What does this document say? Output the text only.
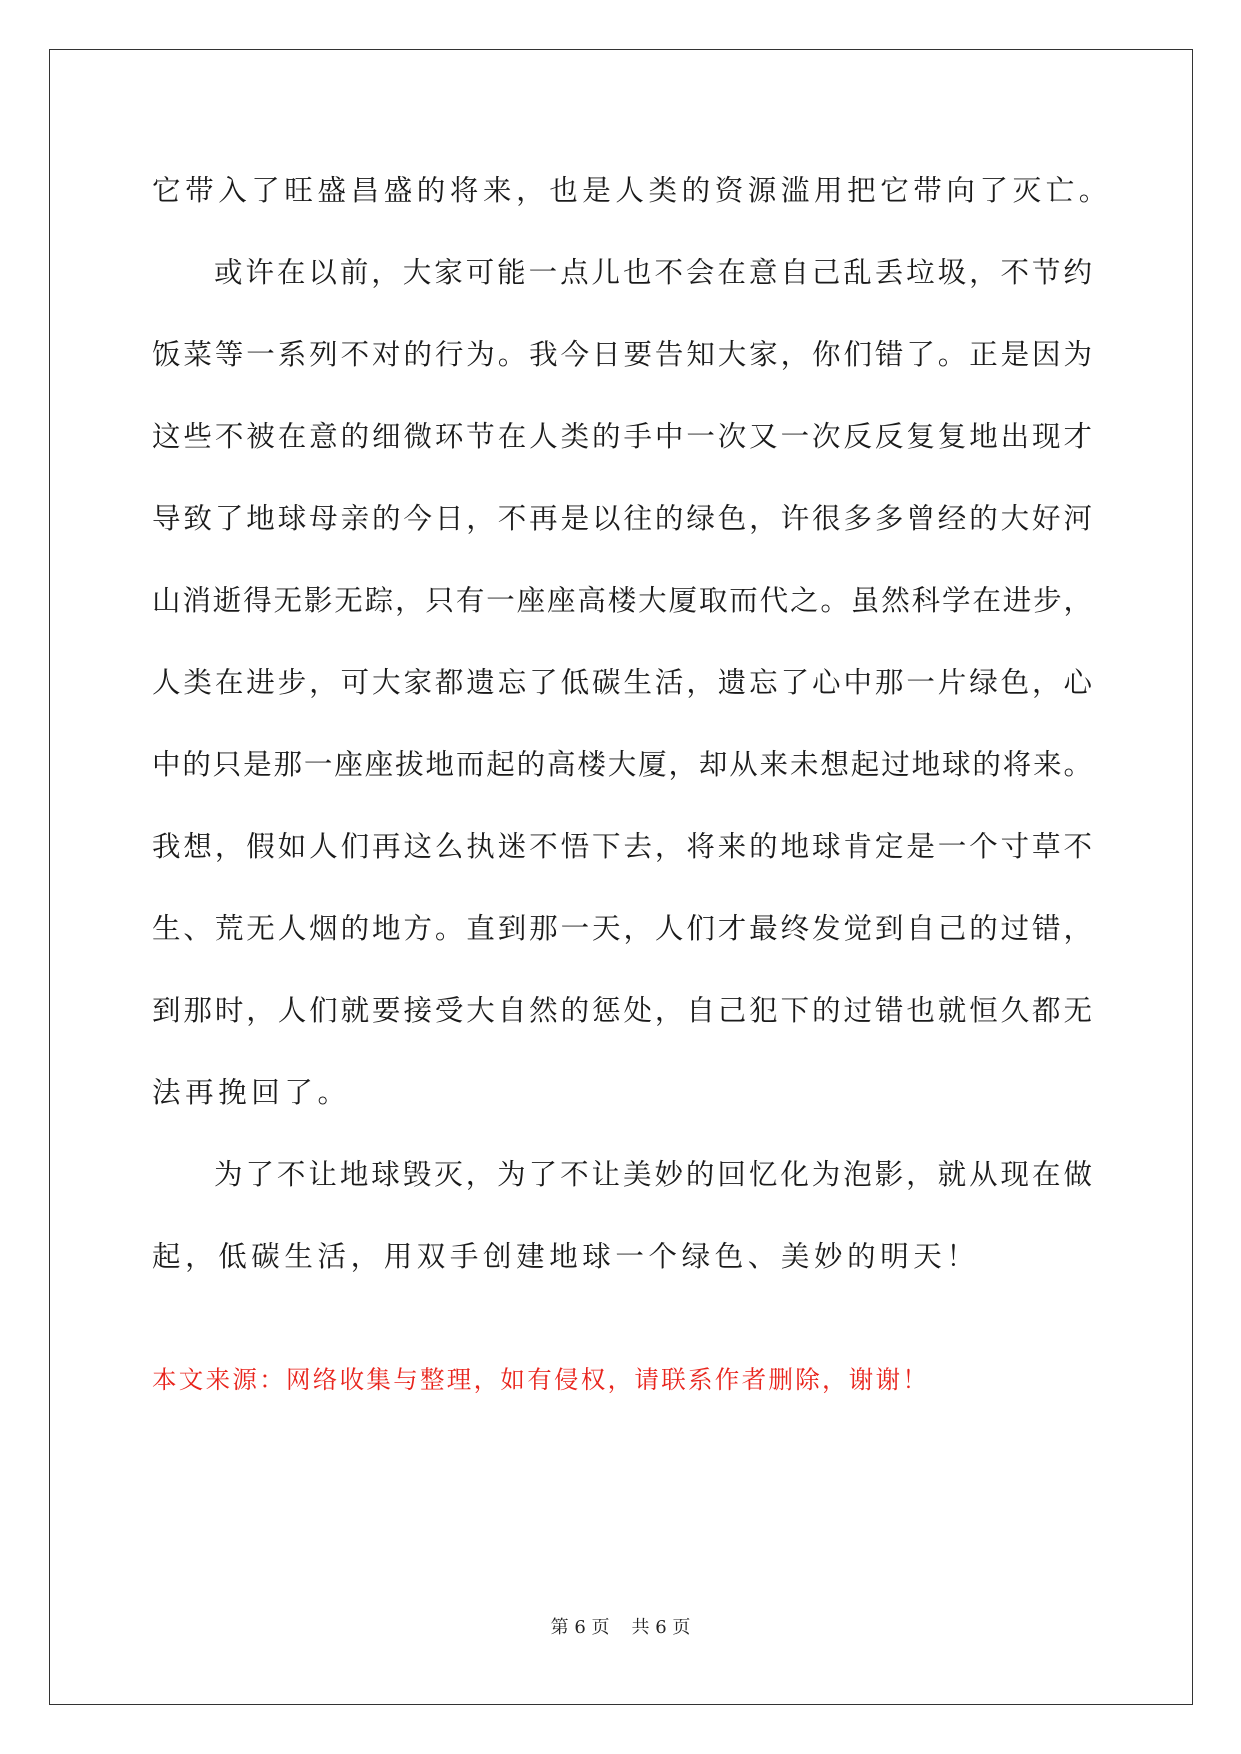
它带入了旺盛昌盛的将来，也是人类的资源滥用把它带向了灭亡。
或许在以前，大家可能一点儿也不会在意自己乱丢垃圾，不节约
饭菜等一系列不对的行为。我今日要告知大家，你们错了。正是因为
这些不被在意的细微环节在人类的手中一次又一次反反复复地出现才
导致了地球母亲的今日，不再是以往的绿色，许很多多曾经的大好河
山消逝得无影无踪，只有一座座高楼大厦取而代之。虽然科学在进步，
人类在进步，可大家都遗忘了低碳生活，遗忘了心中那一片绿色，心
中的只是那一座座拔地而起的高楼大厦，却从来未想起过地球的将来。
我想，假如人们再这么执迷不悟下去，将来的地球肯定是一个寸草不
生、荒无人烟的地方。直到那一天，人们才最终发觉到自己的过错，
到那时，人们就要接受大自然的惩处，自己犯下的过错也就恒久都无
法再挽回了。
为了不让地球毁灭，为了不让美妙的回忆化为泡影，就从现在做
起，低碳生活，用双手创建地球一个绿色、美妙的明天！
本文来源：网络收集与整理，如有侵权，请联系作者删除，谢谢！
第 6 页 共 6 页
